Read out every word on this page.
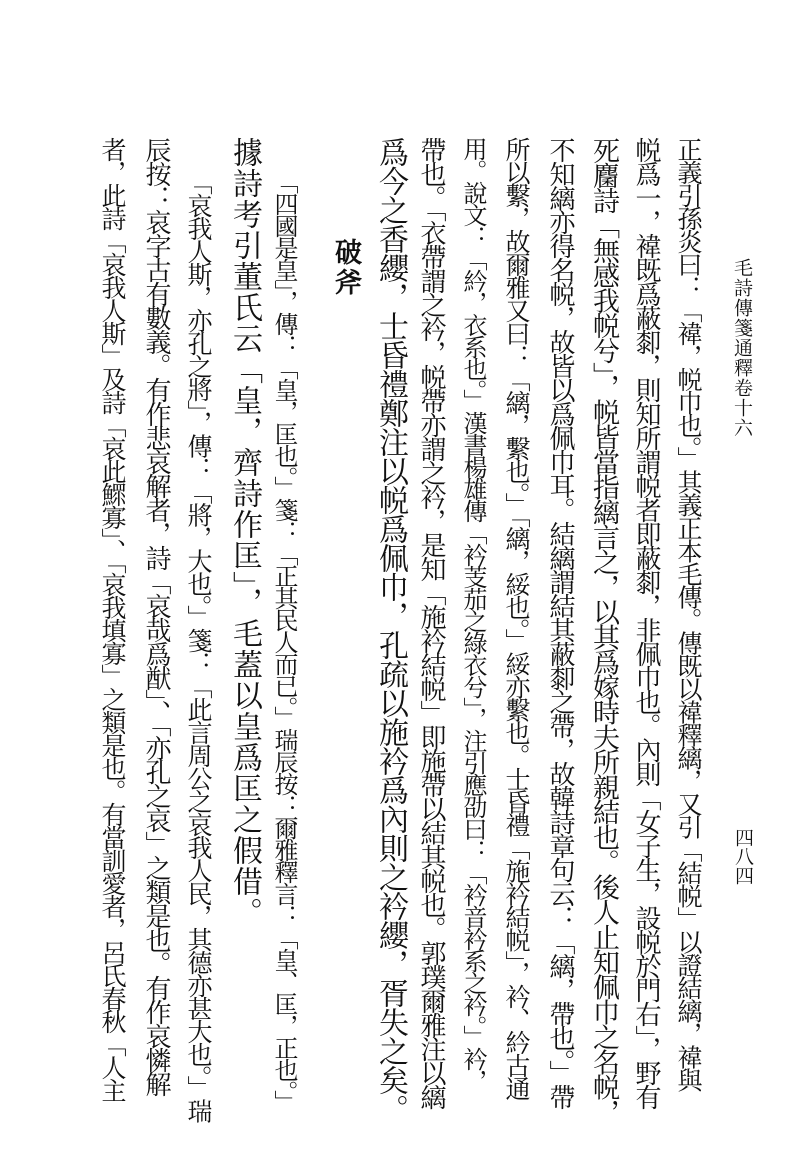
毛詩傳箋通釋卷十六
四八四
正義引孫炎曰：「褘，帨巾也。」其義正本毛傳。傳既以褘釋縭，又引「結帨」以證結縭，褘與
帨爲一，褘既爲蔽厀，則知所謂帨者即蔽厀，非佩巾也。內則「女子生，設帨於門右」，野有
死麕詩「無感我帨兮」，帨皆當指縭言之，以其爲嫁時夫所親結也。後人止知佩巾之名帨，
不知縭亦得名帨，故皆以爲佩巾耳。結縭謂結其蔽厀之帶，故韓詩章句云：「縭，帶也。」帶
所以繫，故爾雅又曰：「縭，繫也。」「縭，綏也。」綏亦繫也。士昏禮「施衿結帨」，衿、紟古通
用。說文：「紟，衣系也。」漢書楊雄傳「衿芰茄之綠衣兮」，注引應劭曰：「衿音衿系之衿。」衿，
帶也。「衣帶謂之衿，帨帶亦謂之衿，是知「施衿結帨」即施帶以結其帨也。郭璞爾雅注以縭
爲今之香纓，士昏禮鄭注以帨爲佩巾，孔疏以施衿爲內則之衿纓，胥失之矣。
破斧
「四國是皇」，傳：「皇，匡也。」箋：「正其民人而已。」瑞辰按：爾雅釋言：「皇、匡，正也。」
據詩考引董氏云「皇，齊詩作匡」，毛蓋以皇爲匡之假借。
「哀我人斯，亦孔之將」，傳：「將，大也。」箋：「此言周公之哀我人民，其德亦甚大也。」瑞
辰按：哀字古有數義。有作悲哀解者，詩「哀哉爲猷」、「亦孔之哀」之類是也。有作哀憐解
者，此詩「哀我人斯」及詩「哀此鰥寡」、「哀我填寡」之類是也。有當訓愛者，呂氏春秋「人主
